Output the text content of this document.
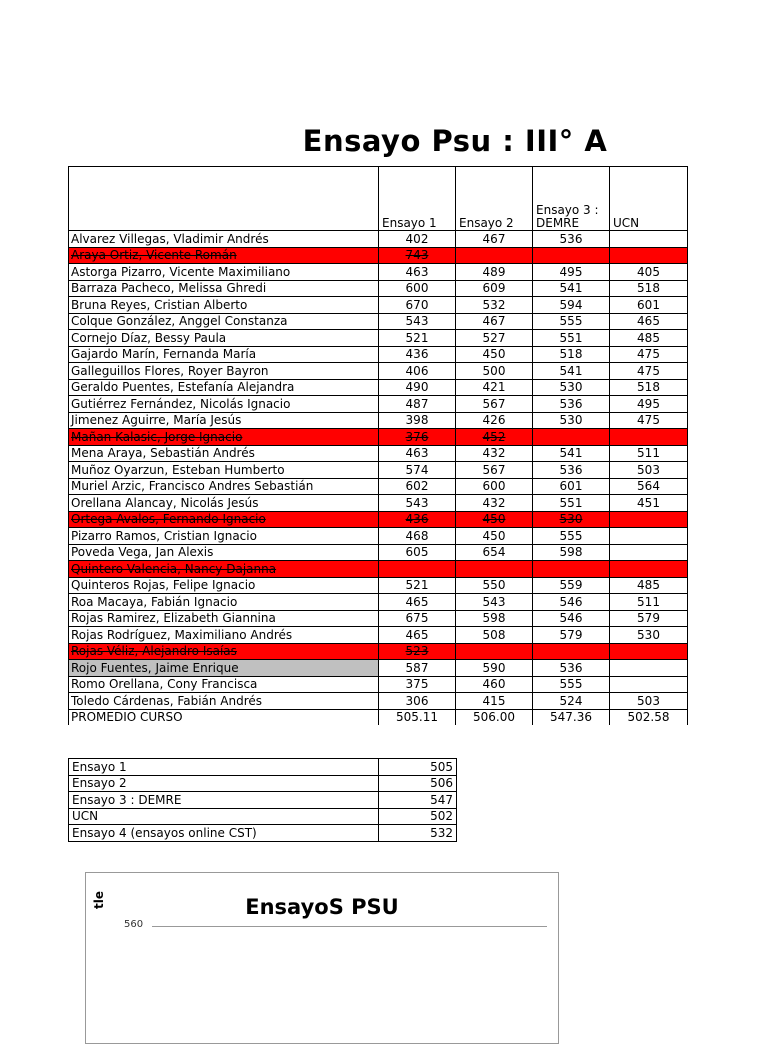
Ensayo Psu : III° A
	Ensayo 1	Ensayo 2	Ensayo 3 : DEMRE	UCN
Alvarez Villegas, Vladimir Andrés	402	467	536	
Araya Ortiz, Vicente Román	743			
Astorga Pizarro, Vicente Maximiliano	463	489	495	405
Barraza Pacheco, Melissa Ghredi	600	609	541	518
Bruna Reyes, Cristian Alberto	670	532	594	601
Colque González, Anggel Constanza	543	467	555	465
Cornejo Díaz, Bessy Paula	521	527	551	485
Gajardo Marín, Fernanda María	436	450	518	475
Galleguillos Flores, Royer Bayron	406	500	541	475
Geraldo Puentes, Estefanía Alejandra	490	421	530	518
Gutiérrez Fernández, Nicolás Ignacio	487	567	536	495
Jimenez Aguirre, María Jesús	398	426	530	475
Mañan Kalasic, Jorge Ignacio	376	452		
Mena Araya, Sebastián Andrés	463	432	541	511
Muñoz Oyarzun, Esteban Humberto	574	567	536	503
Muriel Arzic, Francisco Andres Sebastián	602	600	601	564
Orellana Alancay, Nicolás Jesús	543	432	551	451
Ortega Avalos, Fernando Ignacio	436	450	530	
Pizarro Ramos, Cristian Ignacio	468	450	555	
Poveda Vega, Jan Alexis	605	654	598	
Quintero Valencia, Nancy Dajanna				
Quinteros Rojas, Felipe Ignacio	521	550	559	485
Roa Macaya, Fabián Ignacio	465	543	546	511
Rojas Ramirez, Elizabeth Giannina	675	598	546	579
Rojas Rodríguez, Maximiliano Andrés	465	508	579	530
Rojas Véliz, Alejandro Isaías	523			
Rojo Fuentes, Jaime Enrique	587	590	536	
Romo Orellana, Cony Francisca	375	460	555	
Toledo Cárdenas, Fabián Andrés	306	415	524	503
PROMEDIO CURSO	505.11	506.00	547.36	502.58
Ensayo 1	505
Ensayo 2	506
Ensayo 3 : DEMRE	547
UCN	502
Ensayo 4 (ensayos online CST)	532
EnsayoS PSU
tle
560
